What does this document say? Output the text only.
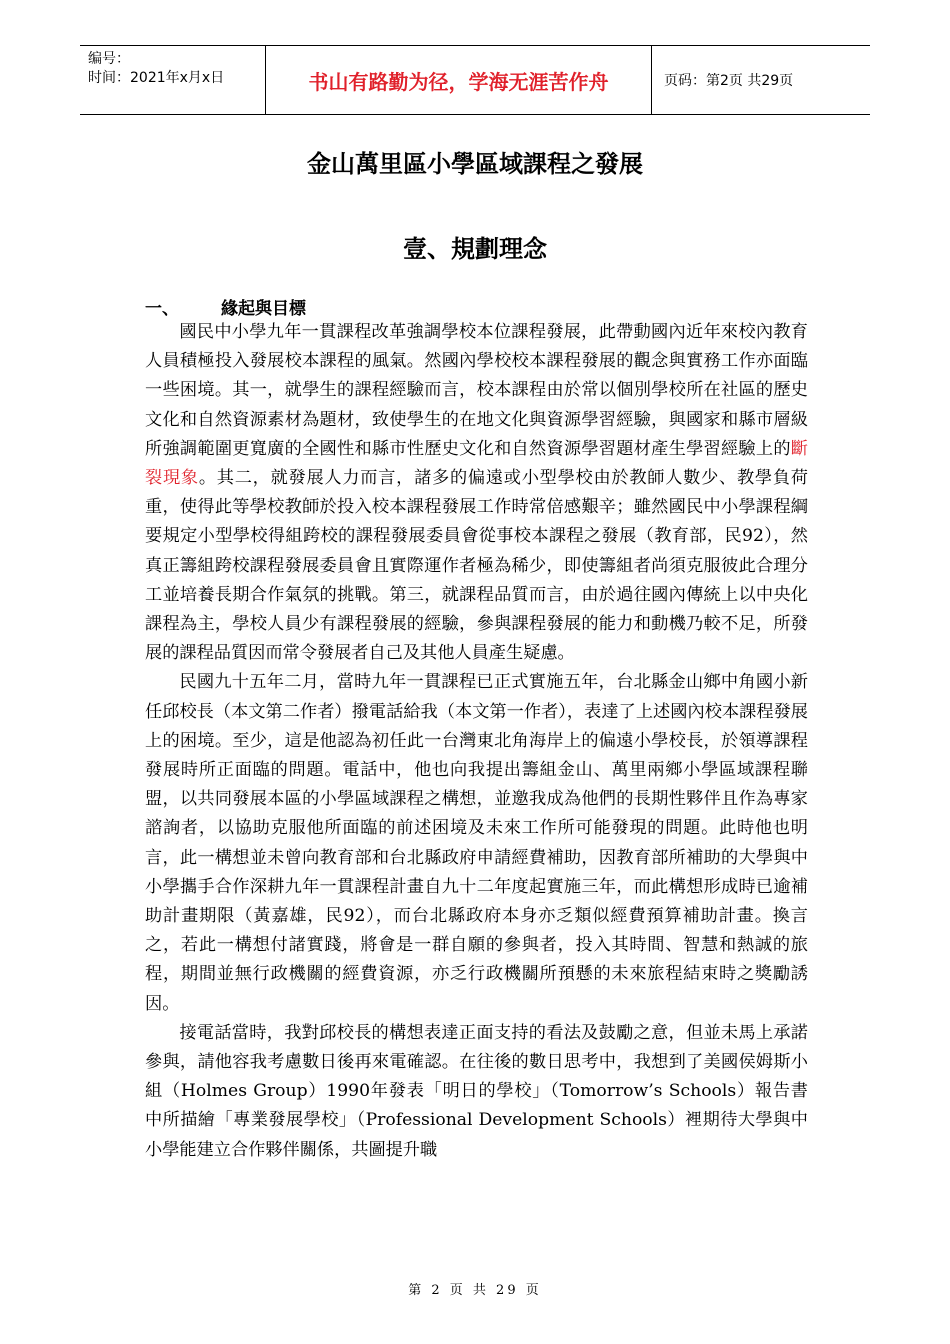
编号：
时间：2021年x月x日	书山有路勤为径，学海无涯苦作舟	页码：第2页 共29页
金山萬里區小學區域課程之發展
壹、規劃理念
一、 緣起與目標

國民中小學九年一貫課程改革強調學校本位課程發展，此帶動國內近年來校內教育人員積極投入發展校本課程的風氣。然國內學校校本課程發展的觀念與實務工作亦面臨一些困境。其一，就學生的課程經驗而言，校本課程由於常以個別學校所在社區的歷史文化和自然資源素材為題材，致使學生的在地文化與資源學習經驗，與國家和縣市層級所強調範圍更寬廣的全國性和縣市性歷史文化和自然資源學習題材產生學習經驗上的斷裂現象。其二，就發展人力而言，諸多的偏遠或小型學校由於教師人數少、教學負荷重，使得此等學校教師於投入校本課程發展工作時常倍感艱辛；雖然國民中小學課程綱要規定小型學校得組跨校的課程發展委員會從事校本課程之發展（教育部，民92），然真正籌組跨校課程發展委員會且實際運作者極為稀少，即使籌組者尚須克服彼此合理分工並培養長期合作氣氛的挑戰。第三，就課程品質而言，由於過往國內傳統上以中央化課程為主，學校人員少有課程發展的經驗，參與課程發展的能力和動機乃較不足，所發展的課程品質因而常令發展者自己及其他人員產生疑慮。

民國九十五年二月，當時九年一貫課程已正式實施五年，台北縣金山鄉中角國小新任邱校長（本文第二作者）撥電話給我（本文第一作者），表達了上述國內校本課程發展上的困境。至少，這是他認為初任此一台灣東北角海岸上的偏遠小學校長，於領導課程發展時所正面臨的問題。電話中，他也向我提出籌組金山、萬里兩鄉小學區域課程聯盟，以共同發展本區的小學區域課程之構想，並邀我成為他們的長期性夥伴且作為專家諮詢者，以協助克服他所面臨的前述困境及未來工作所可能發現的問題。此時他也明言，此一構想並未曾向教育部和台北縣政府申請經費補助，因教育部所補助的大學與中小學攜手合作深耕九年一貫課程計畫自九十二年度起實施三年，而此構想形成時已逾補助計畫期限（黃嘉雄，民92），而台北縣政府本身亦乏類似經費預算補助計畫。換言之，若此一構想付諸實踐，將會是一群自願的參與者，投入其時間、智慧和熱誠的旅程，期間並無行政機關的經費資源，亦乏行政機關所預懸的未來旅程結束時之獎勵誘因。

接電話當時，我對邱校長的構想表達正面支持的看法及鼓勵之意，但並未馬上承諾參與，請他容我考慮數日後再來電確認。在往後的數日思考中，我想到了美國侯姆斯小組（Holmes Group）1990年發表「明日的學校」（Tomorrow’s Schools）報告書中所描繪「專業發展學校」（Professional Development Schools）裡期待大學與中小學能建立合作夥伴關係，共圖提升職

第 2 页 共 29 页
